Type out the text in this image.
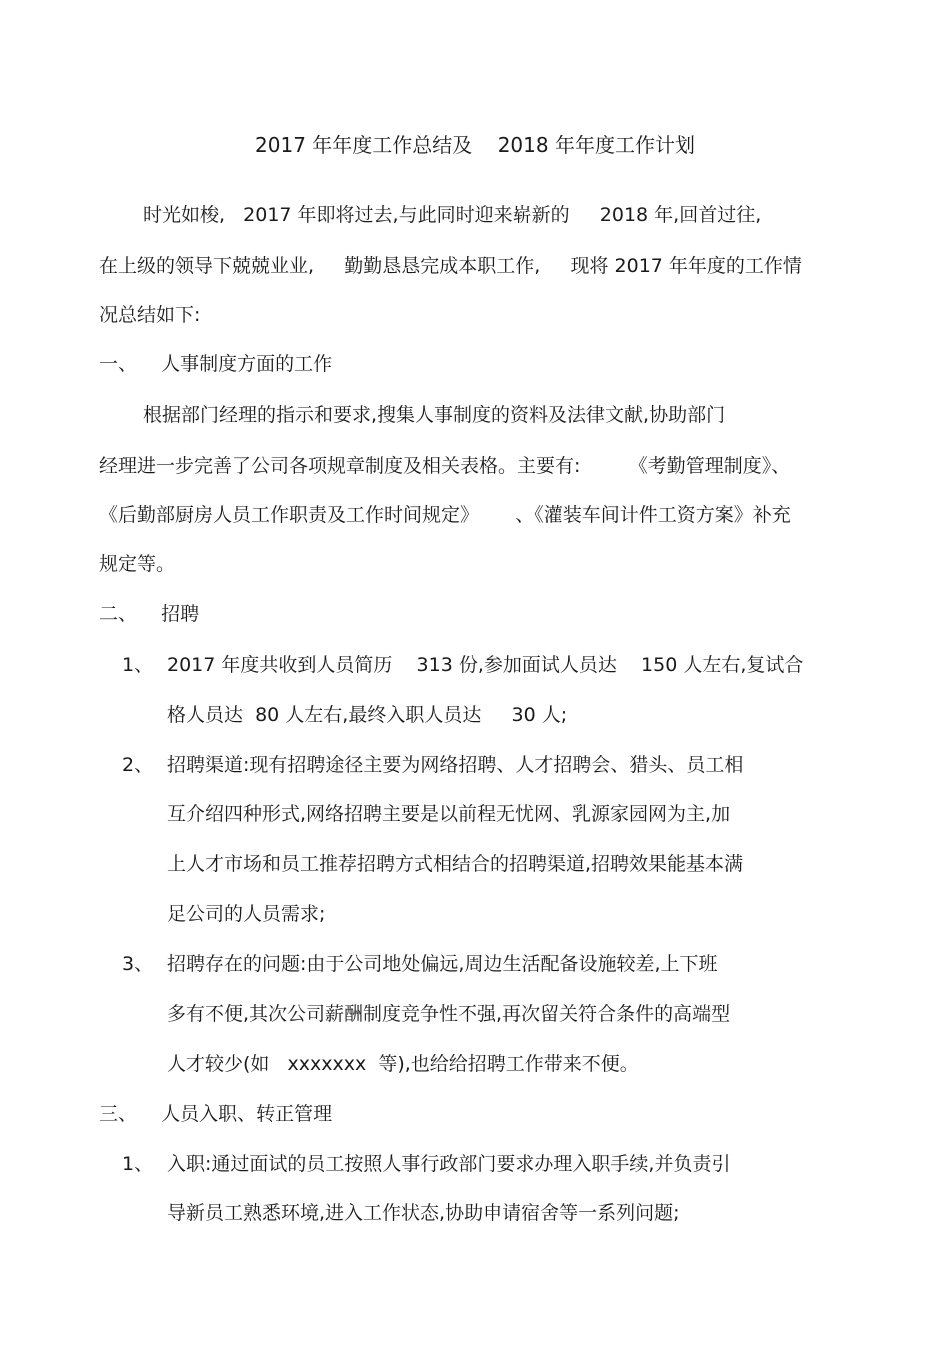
2017 年年度工作总结及    2018 年年度工作计划
时光如梭,   2017 年即将过去,与此同时迎来崭新的     2018 年,回首过往,
在上级的领导下兢兢业业,     勤勤恳恳完成本职工作,     现将 2017 年年度的工作情
况总结如下:
一、    人事制度方面的工作
根据部门经理的指示和要求,搜集人事制度的资料及法律文献,协助部门
经理进一步完善了公司各项规章制度及相关表格。主要有:        《考勤管理制度》、
《后勤部厨房人员工作职责及工作时间规定》      、《灌装车间计件工资方案》补充
规定等。
二、    招聘
1、 2017 年度共收到人员简历    313 份,参加面试人员达    150 人左右,复试合
格人员达  80 人左右,最终入职人员达     30 人;
2、 招聘渠道:现有招聘途径主要为网络招聘、人才招聘会、猎头、员工相
互介绍四种形式,网络招聘主要是以前程无忧网、乳源家园网为主,加
上人才市场和员工推荐招聘方式相结合的招聘渠道,招聘效果能基本满
足公司的人员需求;
3、 招聘存在的问题:由于公司地处偏远,周边生活配备设施较差,上下班
多有不便,其次公司薪酬制度竞争性不强,再次留关符合条件的高端型
人才较少(如   xxxxxxx  等),也给给招聘工作带来不便。
三、    人员入职、转正管理
1、 入职:通过面试的员工按照人事行政部门要求办理入职手续,并负责引
导新员工熟悉环境,进入工作状态,协助申请宿舍等一系列问题;
